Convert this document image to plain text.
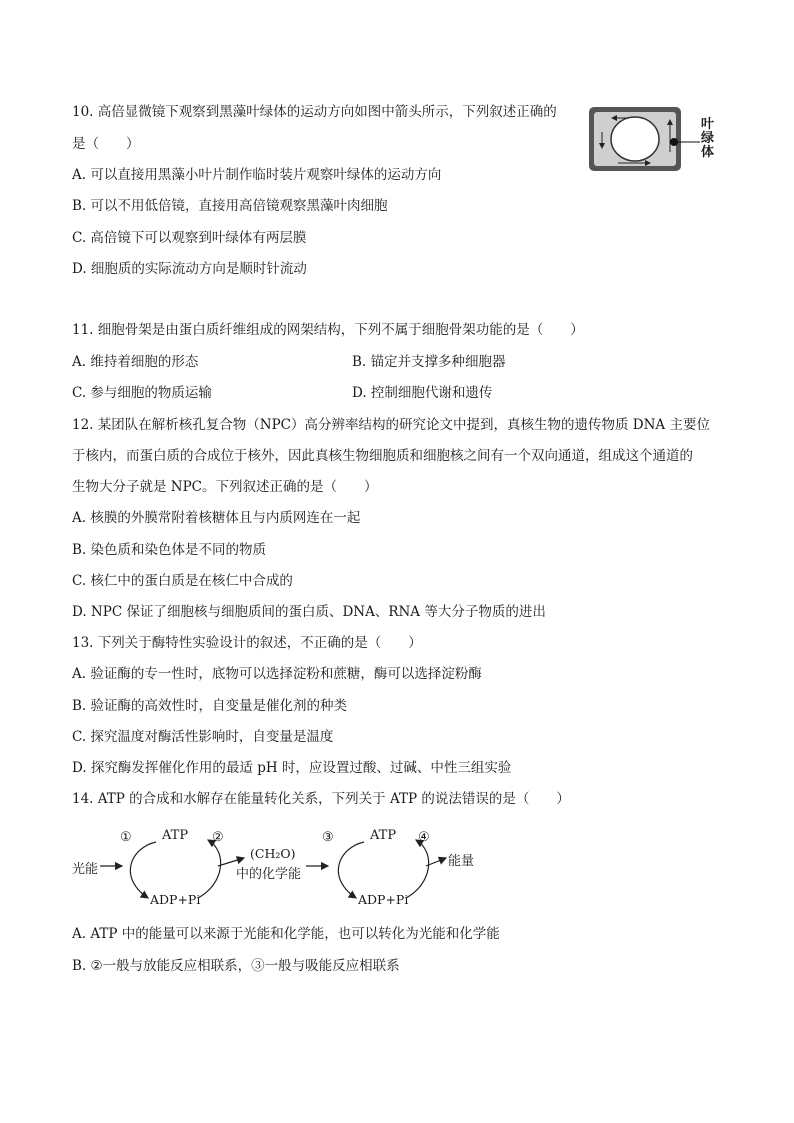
10. 高倍显微镜下观察到黑藻叶绿体的运动方向如图中箭头所示，下列叙述正确的
是（　　）
叶绿体
A. 可以直接用黑藻小叶片制作临时装片观察叶绿体的运动方向
B. 可以不用低倍镜，直接用高倍镜观察黑藻叶肉细胞
C. 高倍镜下可以观察到叶绿体有两层膜
D. 细胞质的实际流动方向是顺时针流动
11. 细胞骨架是由蛋白质纤维组成的网架结构，下列不属于细胞骨架功能的是（　　）
A. 维持着细胞的形态	B. 锚定并支撑多种细胞器
C. 参与细胞的物质运输	D. 控制细胞代谢和遗传
12. 某团队在解析核孔复合物（NPC）高分辨率结构的研究论文中提到，真核生物的遗传物质 DNA 主要位
于核内，而蛋白质的合成位于核外，因此真核生物细胞质和细胞核之间有一个双向通道，组成这个通道的
生物大分子就是 NPC。下列叙述正确的是（　　）
A. 核膜的外膜常附着核糖体且与内质网连在一起
B. 染色质和染色体是不同的物质
C. 核仁中的蛋白质是在核仁中合成的
D. NPC 保证了细胞核与细胞质间的蛋白质、DNA、RNA 等大分子物质的进出
13. 下列关于酶特性实验设计的叙述，不正确的是（　　）
A. 验证酶的专一性时，底物可以选择淀粉和蔗糖，酶可以选择淀粉酶
B. 验证酶的高效性时，自变量是催化剂的种类
C. 探究温度对酶活性影响时，自变量是温度
D. 探究酶发挥催化作用的最适 pH 时，应设置过酸、过碱、中性三组实验
14. ATP 的合成和水解存在能量转化关系，下列关于 ATP 的说法错误的是（　　）
① ATP ②
光能
ADP+Pi
(CH₂O)
中的化学能
③	ATP ④
ADP+Pi
能量
A. ATP 中的能量可以来源于光能和化学能，也可以转化为光能和化学能
B. ②一般与放能反应相联系，③一般与吸能反应相联系
